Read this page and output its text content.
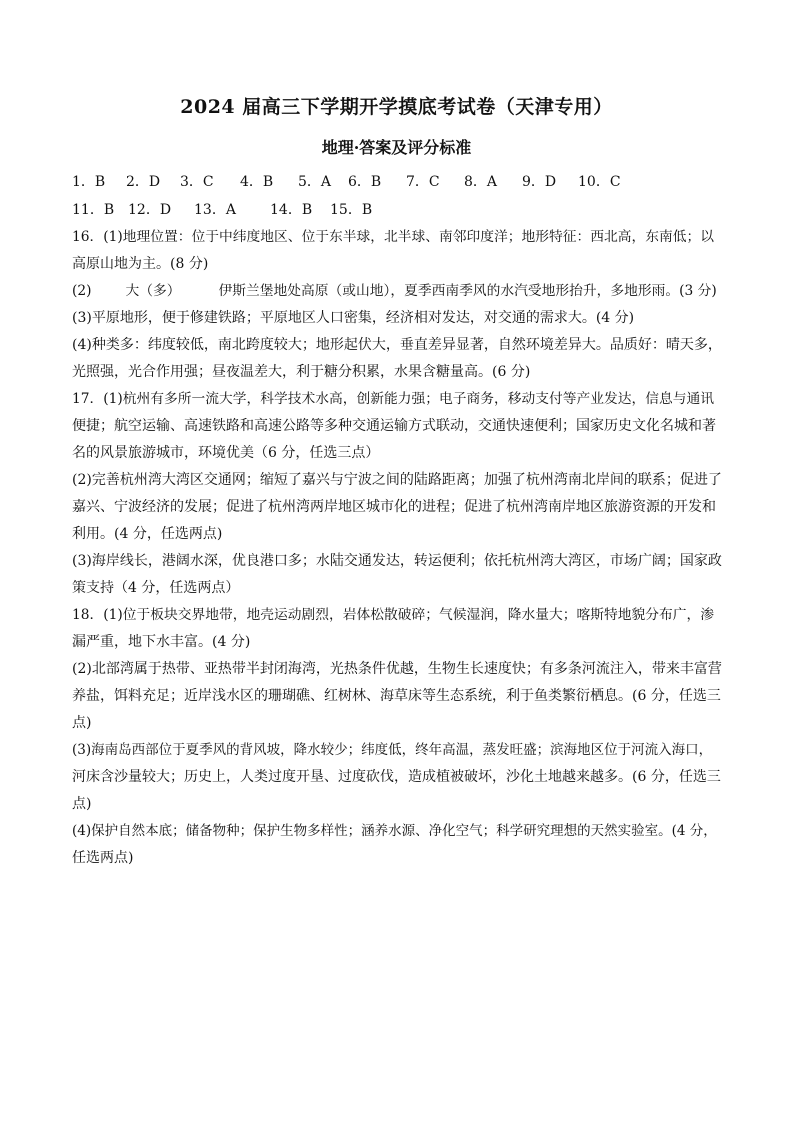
2024 届高三下学期开学摸底考试卷（天津专用）
地理·答案及评分标准
1．B 2．D 3．C 4．B 5．A 6．B 7．C 8．A 9．D 10．C
11．B 12．D 13．A 14．B 15．B
16．(1)地理位置：位于中纬度地区、位于东半球，北半球、南邻印度洋；地形特征：西北高，东南低；以
高原山地为主。(8 分)
(2) 大（多）	伊斯兰堡地处高原（或山地），夏季西南季风的水汽受地形抬升，多地形雨。(3 分)
(3)平原地形，便于修建铁路；平原地区人口密集，经济相对发达，对交通的需求大。(4 分)
(4)种类多：纬度较低，南北跨度较大；地形起伏大，垂直差异显著，自然环境差异大。品质好：晴天多，
光照强，光合作用强；昼夜温差大，利于糖分积累，水果含糖量高。(6 分)
17．(1)杭州有多所一流大学，科学技术水高，创新能力强；电子商务，移动支付等产业发达，信息与通讯
便捷；航空运输、高速铁路和高速公路等多种交通运输方式联动，交通快速便利；国家历史文化名城和著
名的风景旅游城市，环境优美（6 分，任选三点）
(2)完善杭州湾大湾区交通网；缩短了嘉兴与宁波之间的陆路距离；加强了杭州湾南北岸间的联系；促进了
嘉兴、宁波经济的发展；促进了杭州湾两岸地区城市化的进程；促进了杭州湾南岸地区旅游资源的开发和
利用。(4 分，任选两点)
(3)海岸线长，港阔水深，优良港口多；水陆交通发达，转运便利；依托杭州湾大湾区，市场广阔；国家政
策支持（4 分，任选两点）
18．(1)位于板块交界地带，地壳运动剧烈，岩体松散破碎；气候湿润，降水量大；喀斯特地貌分布广，渗
漏严重，地下水丰富。(4 分)
(2)北部湾属于热带、亚热带半封闭海湾，光热条件优越，生物生长速度快；有多条河流注入，带来丰富营
养盐，饵料充足；近岸浅水区的珊瑚礁、红树林、海草床等生态系统，利于鱼类繁衍栖息。(6 分，任选三
点)
(3)海南岛西部位于夏季风的背风坡，降水较少；纬度低，终年高温，蒸发旺盛；滨海地区位于河流入海口，
河床含沙量较大；历史上，人类过度开垦、过度砍伐，造成植被破坏，沙化土地越来越多。(6 分，任选三
点)
(4)保护自然本底；储备物种；保护生物多样性；涵养水源、净化空气；科学研究理想的天然实验室。(4 分，
任选两点)
